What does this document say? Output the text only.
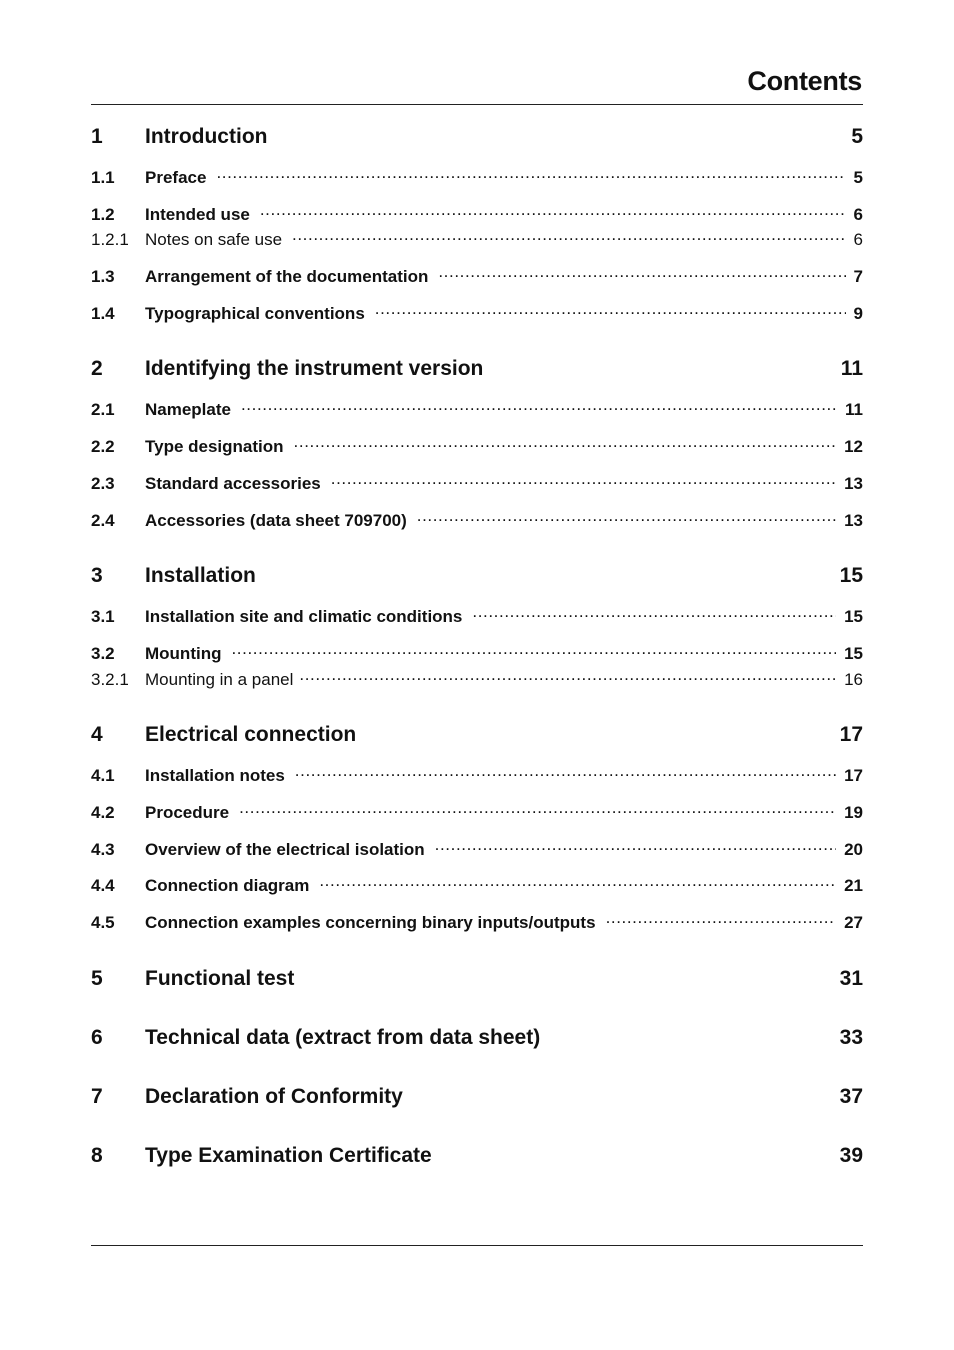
Contents
1	Introduction	5
1.1	Preface .....	5
1.2	Intended use .....	6
1.2.1 Notes on safe use .....	6
1.3	Arrangement of the documentation .....	7
1.4	Typographical conventions .....	9
2	Identifying the instrument version	11
2.1	Nameplate .....	11
2.2	Type designation .....	12
2.3	Standard accessories .....	13
2.4	Accessories (data sheet 709700) .....	13
3	Installation	15
3.1	Installation site and climatic conditions .....	15
3.2	Mounting .....	15
3.2.1 Mounting in a panel .....	16
4	Electrical connection	17
4.1	Installation notes .....	17
4.2	Procedure .....	19
4.3	Overview of the electrical isolation .....	20
4.4	Connection diagram .....	21
4.5	Connection examples concerning binary inputs/outputs .....	27
5	Functional test	31
6	Technical data (extract from data sheet)	33
7	Declaration of Conformity	37
8	Type Examination Certificate	39
